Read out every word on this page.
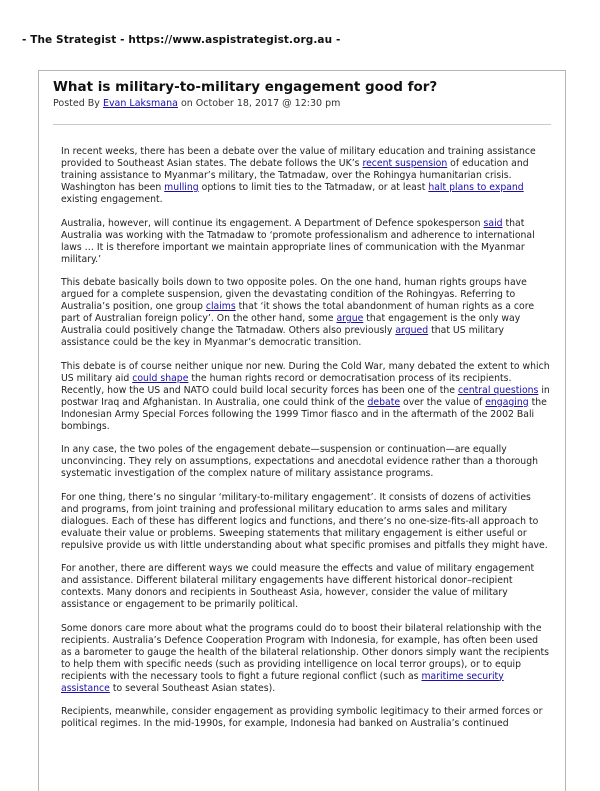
- The Strategist - https://www.aspistrategist.org.au -
What is military-to-military engagement good for?
Posted By Evan Laksmana on October 18, 2017 @ 12:30 pm

In recent weeks, there has been a debate over the value of military education and training assistance provided to Southeast Asian states. The debate follows the UK’s recent suspension of education and training assistance to Myanmar’s military, the Tatmadaw, over the Rohingya humanitarian crisis. Washington has been mulling options to limit ties to the Tatmadaw, or at least halt plans to expand existing engagement.

Australia, however, will continue its engagement. A Department of Defence spokesperson said that Australia was working with the Tatmadaw to ‘promote professionalism and adherence to international laws … It is therefore important we maintain appropriate lines of communication with the Myanmar military.’

This debate basically boils down to two opposite poles. On the one hand, human rights groups have argued for a complete suspension, given the devastating condition of the Rohingyas. Referring to Australia’s position, one group claims that ‘it shows the total abandonment of human rights as a core part of Australian foreign policy’. On the other hand, some argue that engagement is the only way Australia could positively change the Tatmadaw. Others also previously argued that US military assistance could be the key in Myanmar’s democratic transition.

This debate is of course neither unique nor new. During the Cold War, many debated the extent to which US military aid could shape the human rights record or democratisation process of its recipients. Recently, how the US and NATO could build local security forces has been one of the central questions in postwar Iraq and Afghanistan. In Australia, one could think of the debate over the value of engaging the Indonesian Army Special Forces following the 1999 Timor fiasco and in the aftermath of the 2002 Bali bombings.

In any case, the two poles of the engagement debate—suspension or continuation—are equally unconvincing. They rely on assumptions, expectations and anecdotal evidence rather than a thorough systematic investigation of the complex nature of military assistance programs.

For one thing, there’s no singular ‘military-to-military engagement’. It consists of dozens of activities and programs, from joint training and professional military education to arms sales and military dialogues. Each of these has different logics and functions, and there’s no one-size-fits-all approach to evaluate their value or problems. Sweeping statements that military engagement is either useful or repulsive provide us with little understanding about what specific promises and pitfalls they might have.

For another, there are different ways we could measure the effects and value of military engagement and assistance. Different bilateral military engagements have different historical donor–recipient contexts. Many donors and recipients in Southeast Asia, however, consider the value of military assistance or engagement to be primarily political.

Some donors care more about what the programs could do to boost their bilateral relationship with the recipients. Australia’s Defence Cooperation Program with Indonesia, for example, has often been used as a barometer to gauge the health of the bilateral relationship. Other donors simply want the recipients to help them with specific needs (such as providing intelligence on local terror groups), or to equip recipients with the necessary tools to fight a future regional conflict (such as maritime security assistance to several Southeast Asian states).

Recipients, meanwhile, consider engagement as providing symbolic legitimacy to their armed forces or political regimes. In the mid-1990s, for example, Indonesia had banked on Australia’s continued
